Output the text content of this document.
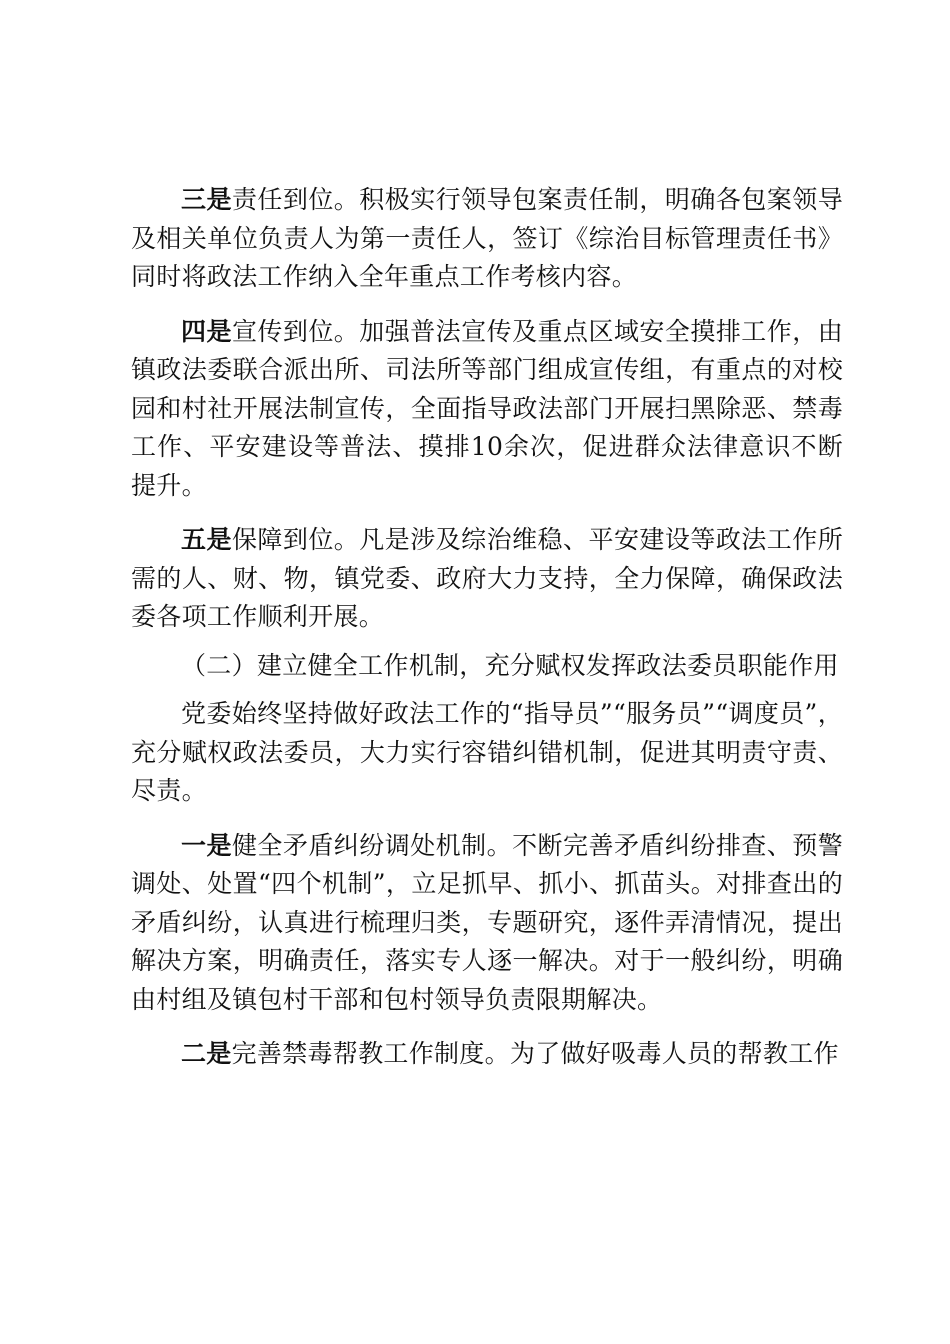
三是责任到位。积极实行领导包案责任制，明确各包案领导及相关单位负责人为第一责任人，签订《综治目标管理责任书》同时将政法工作纳入全年重点工作考核内容。

四是宣传到位。加强普法宣传及重点区域安全摸排工作，由镇政法委联合派出所、司法所等部门组成宣传组，有重点的对校园和村社开展法制宣传，全面指导政法部门开展扫黑除恶、禁毒工作、平安建设等普法、摸排10余次，促进群众法律意识不断提升。

五是保障到位。凡是涉及综治维稳、平安建设等政法工作所需的人、财、物，镇党委、政府大力支持，全力保障，确保政法委各项工作顺利开展。

（二）建立健全工作机制，充分赋权发挥政法委员职能作用

党委始终坚持做好政法工作的“指导员”“服务员”“调度员”，充分赋权政法委员，大力实行容错纠错机制，促进其明责守责、尽责。

一是健全矛盾纠纷调处机制。不断完善矛盾纠纷排查、预警调处、处置“四个机制”，立足抓早、抓小、抓苗头。对排查出的矛盾纠纷，认真进行梳理归类，专题研究，逐件弄清情况，提出解决方案，明确责任，落实专人逐一解决。对于一般纠纷，明确由村组及镇包村干部和包村领导负责限期解决。

二是完善禁毒帮教工作制度。为了做好吸毒人员的帮教工作
